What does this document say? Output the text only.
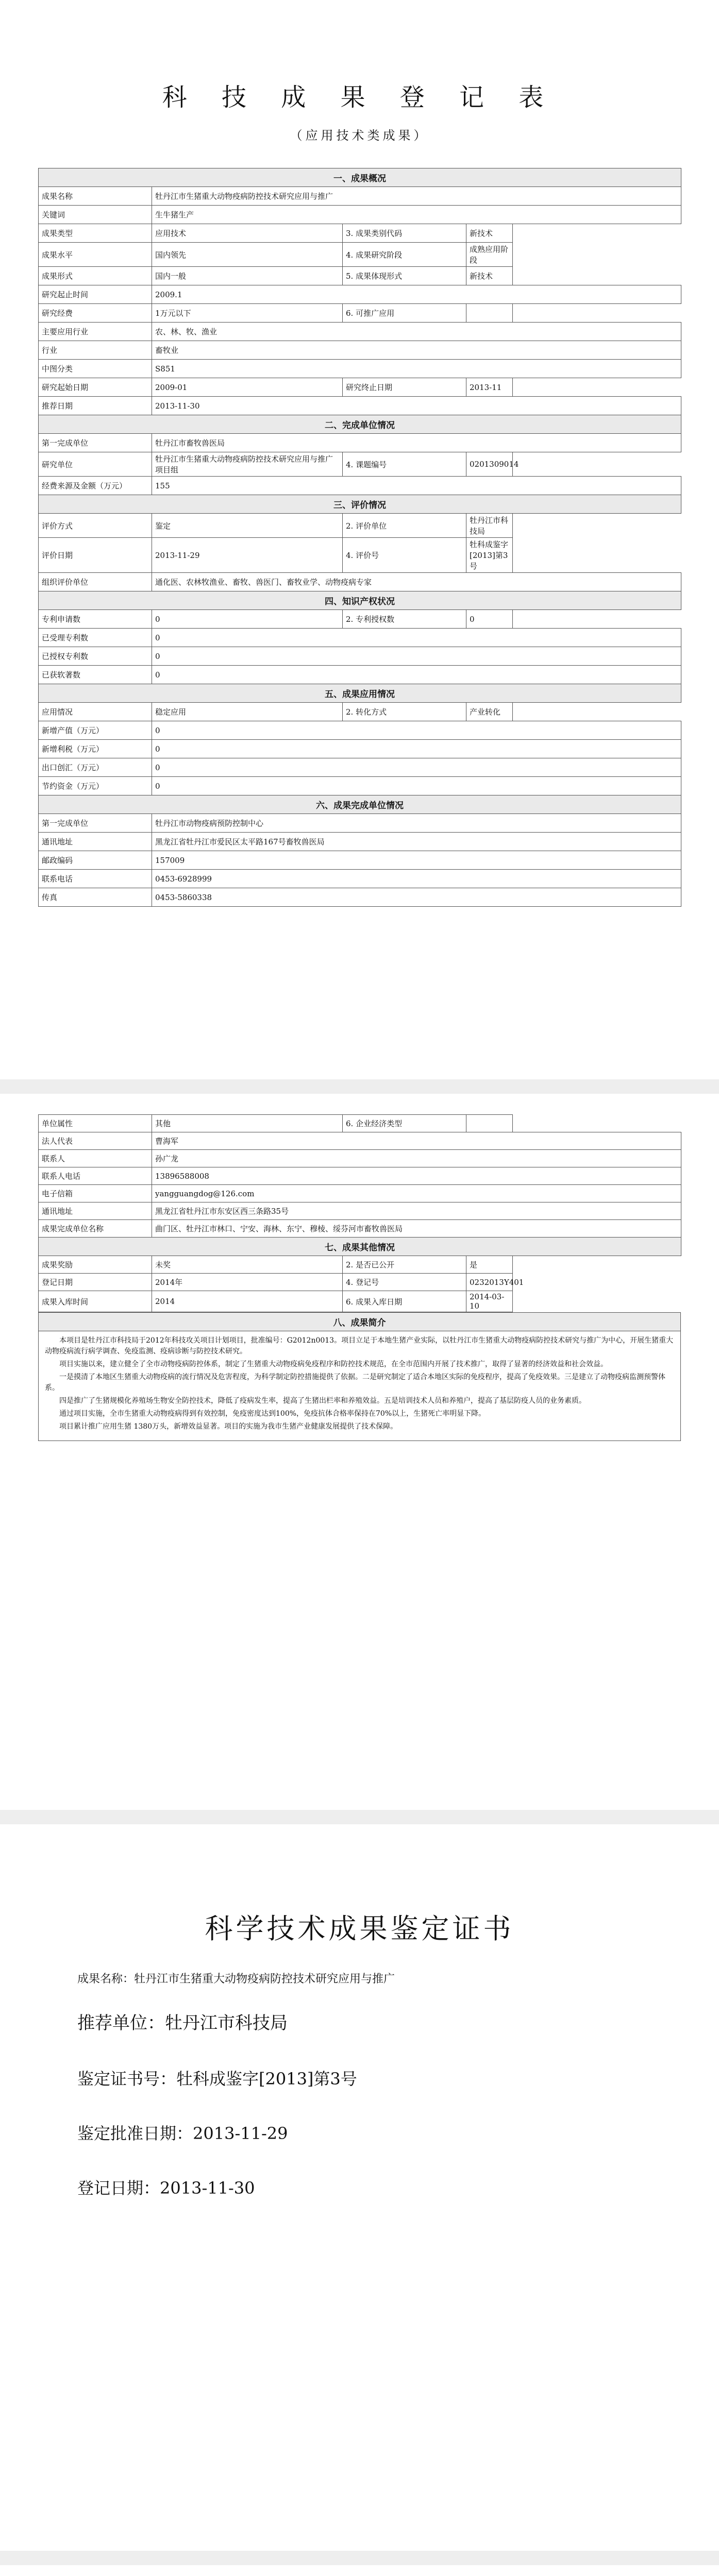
科 技 成 果 登 记 表
（应用技术类成果）
一、成果概况			
成果名称	牡丹江市生猪重大动物疫病防控技术研究应用与推广		
关键词	生牛猪生产		
成果类型	应用技术	3. 成果类别代码	新技术
成果水平	国内领先	4. 成果研究阶段	成熟应用阶段
成果形式	国内一般	5. 成果体现形式	新技术
研究起止时间	2009.1		
研究经费	1万元以下	6. 可推广应用	
主要应用行业	农、林、牧、渔业		
行业	畜牧业		
中图分类	S851		
研究起始日期	2009-01	研究终止日期	2013-11
推荐日期	2013-11-30		
二、完成单位情况			
第一完成单位	牡丹江市畜牧兽医局		
研究单位	牡丹江市生猪重大动物疫病防控技术研究应用与推广项目组	4. 课题编号	0201309014
经费来源及金额（万元）	155		
三、评价情况			
评价方式	鉴定	2. 评价单位	牡丹江市科技局
评价日期	2013-11-29	4. 评价号	牡科成鉴字[2013]第3号
组织评价单位	通化医、农林牧渔业、畜牧、兽医门、畜牧业学、动物疫病专家		
四、知识产权状况			
专利申请数	0	2. 专利授权数	0
已受理专利数	0		
已授权专利数	0		
已获软著数	0		
五、成果应用情况			
应用情况	稳定应用	2. 转化方式	产业转化
新增产值（万元）	0		
新增利税（万元）	0		
出口创汇（万元）	0		
节约资金（万元）	0		
六、成果完成单位情况			
第一完成单位	牡丹江市动物疫病预防控制中心		
通讯地址	黑龙江省牡丹江市爱民区太平路167号畜牧兽医局		
邮政编码	157009		
联系电话	0453-6928999		
传真	0453-5860338		
单位属性	其他	6. 企业经济类型	
法人代表	曹海军		
联系人	孙广龙		
联系人电话	13896588008		
电子信箱	yangguangdog@126.com		
通讯地址	黑龙江省牡丹江市东安区西三条路35号		
成果完成单位名称	曲门区、牡丹江市林口、宁安、海林、东宁、穆棱、绥芬河市畜牧兽医局		
七、成果其他情况			
成果奖励	未奖	2. 是否已公开	是
登记日期	2014年	4. 登记号	0232013Y401
成果入库时间	2014	6. 成果入库日期	2014-03-10
八、成果简介

本项目是牡丹江市科技局于2012年科技攻关项目计划项目，批准编号：G2012n0013。项目立足于本地生猪产业实际，以牡丹江市生猪重大动物疫病防控技术研究与推广为中心，开展生猪重大动物疫病流行病学调查、免疫监测、疫病诊断与防控技术研究。

项目实施以来，建立健全了全市动物疫病防控体系，制定了生猪重大动物疫病免疫程序和防控技术规范，在全市范围内开展了技术推广，取得了显著的经济效益和社会效益。

一是摸清了本地区生猪重大动物疫病的流行情况及危害程度，为科学制定防控措施提供了依据。二是研究制定了适合本地区实际的免疫程序，提高了免疫效果。三是建立了动物疫病监测预警体系。

四是推广了生猪规模化养殖场生物安全防控技术，降低了疫病发生率，提高了生猪出栏率和养殖效益。五是培训技术人员和养殖户，提高了基层防疫人员的业务素质。

通过项目实施，全市生猪重大动物疫病得到有效控制，免疫密度达到100%，免疫抗体合格率保持在70%以上，生猪死亡率明显下降。

项目累计推广应用生猪 1380万头，新增效益显著。项目的实施为我市生猪产业健康发展提供了技术保障。

科学技术成果鉴定证书
成果名称：牡丹江市生猪重大动物疫病防控技术研究应用与推广
推荐单位：牡丹江市科技局
鉴定证书号：牡科成鉴字[2013]第3号
鉴定批准日期：2013-11-29
登记日期：2013-11-30
